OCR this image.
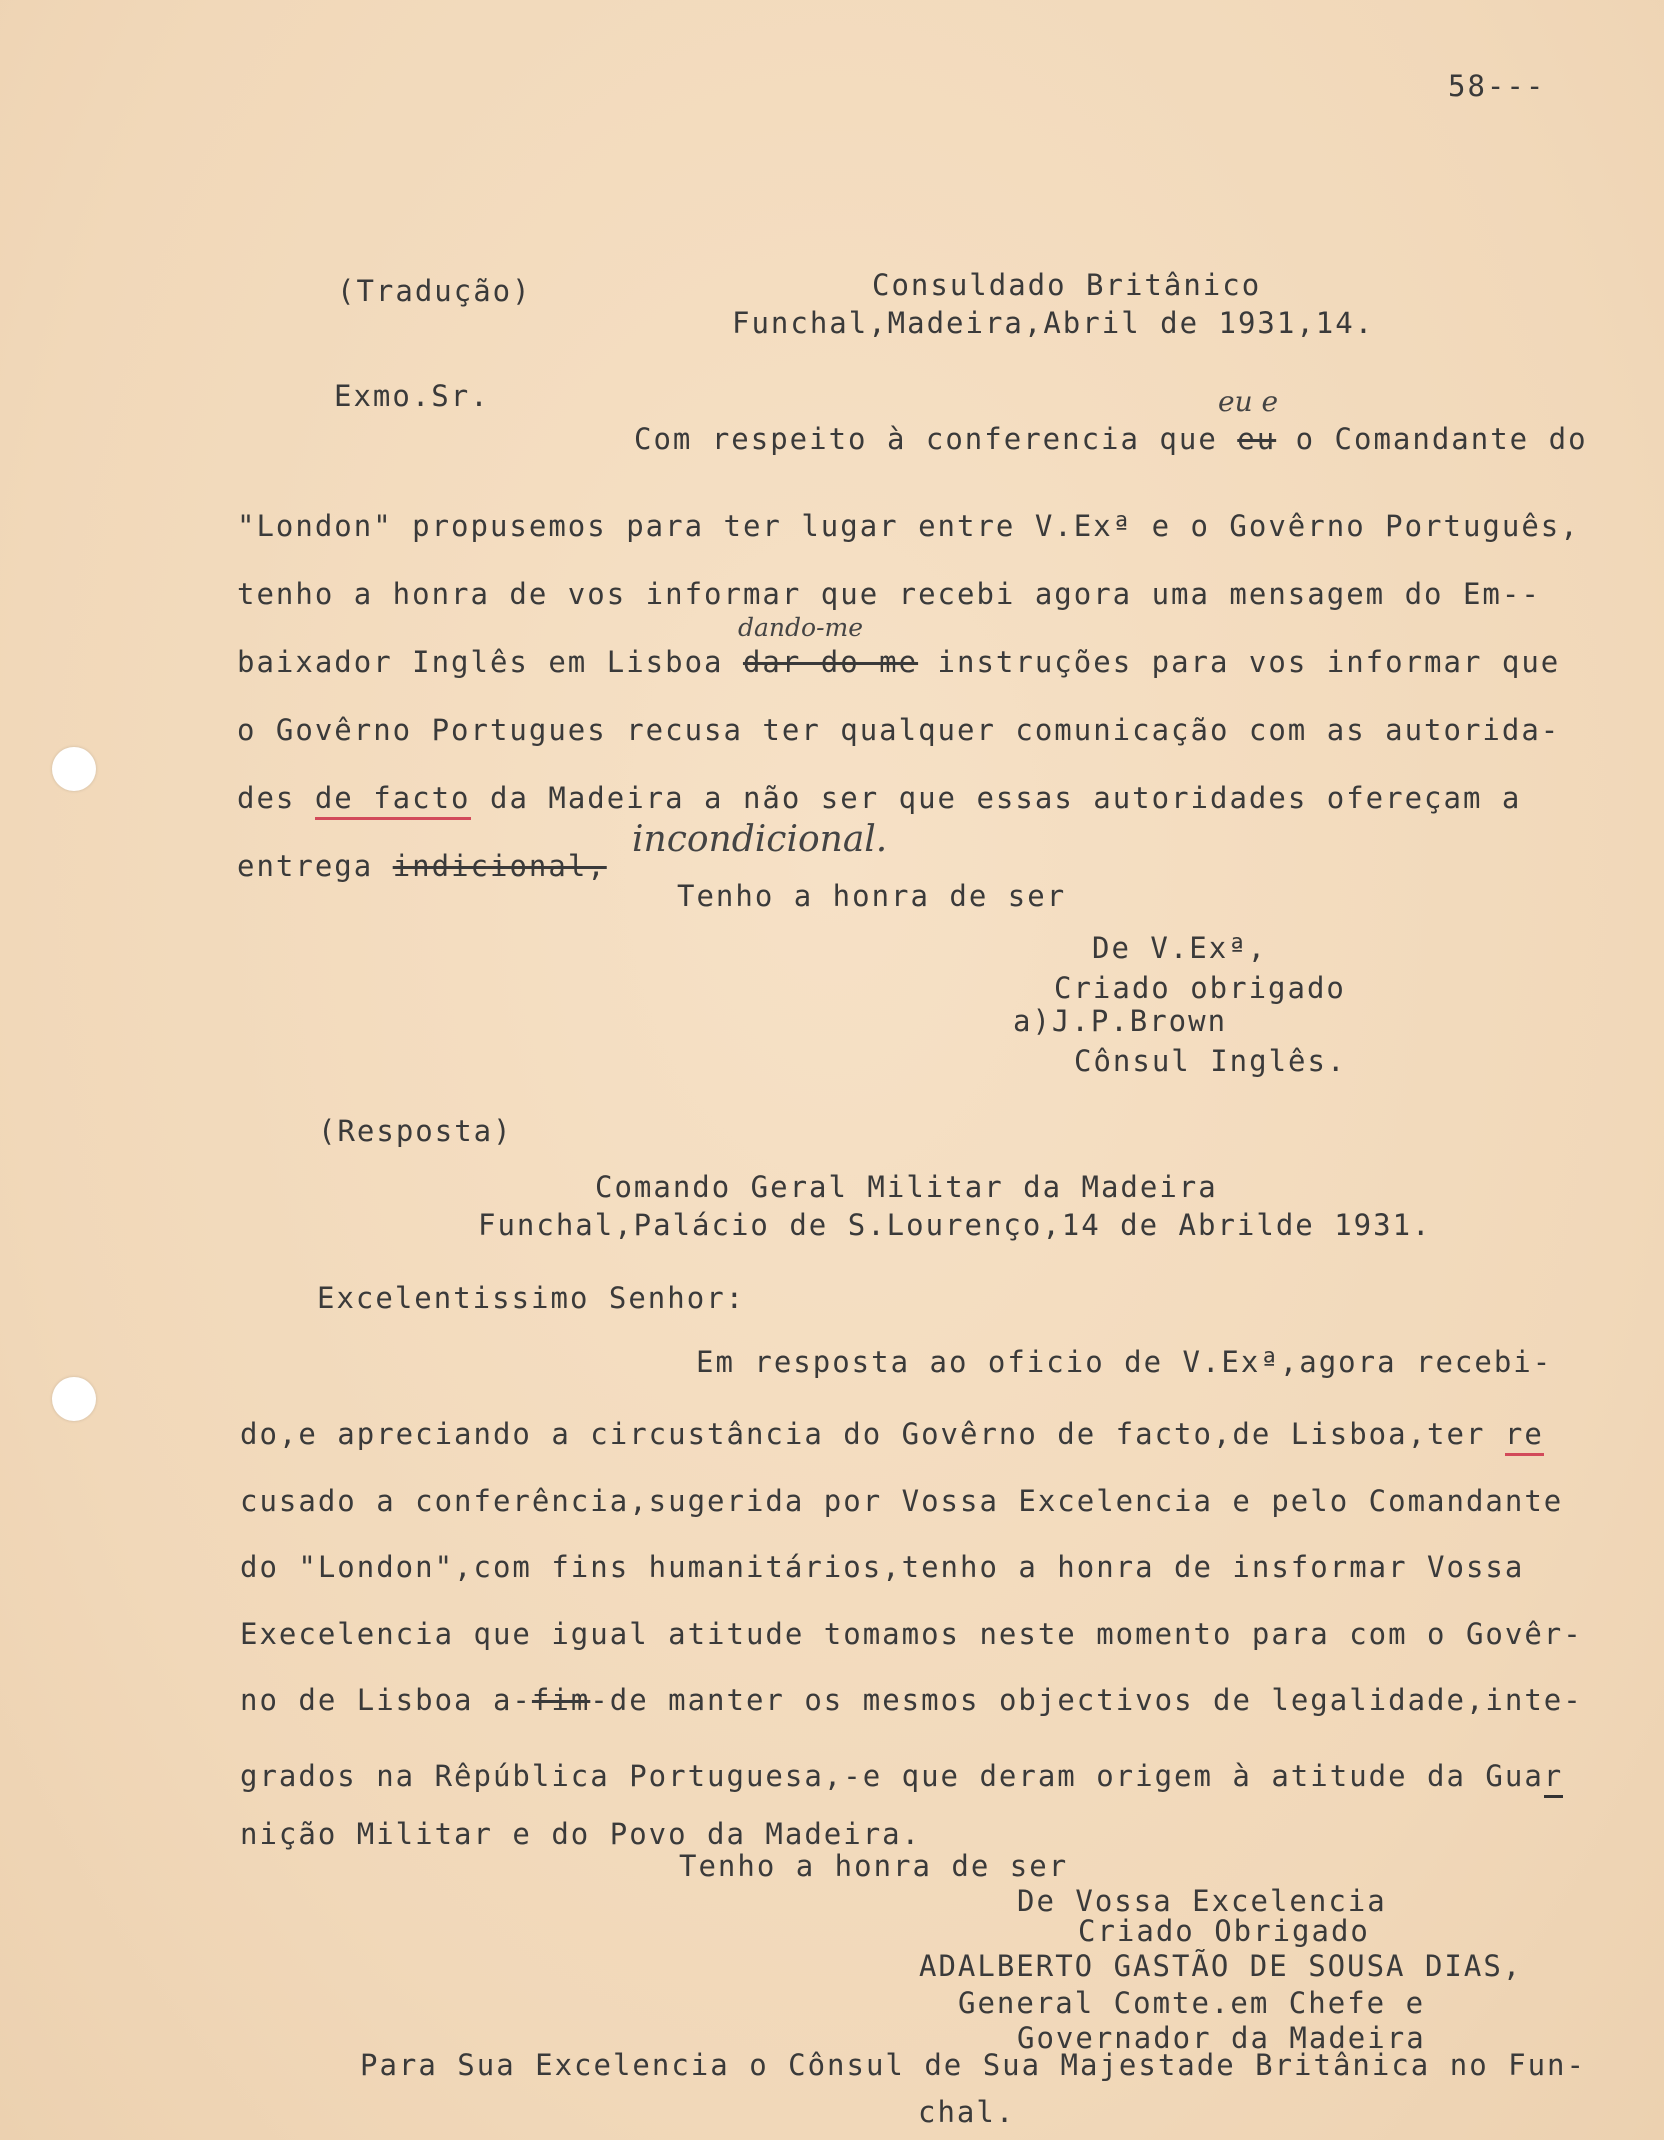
58---
(Tradução)	Consuldado Britânico
Funchal,Madeira,Abril de 1931,14.
Exmo.Sr.	eu e
Com respeito à conferencia que eu o Comandante do
"London" propusemos para ter lugar entre V.Exª e o Govêrno Português,
tenho a honra de vos informar que recebi agora uma mensagem do Em--
dando-me
baixador Inglês em Lisboa dar-do-me instruções para vos informar que
o Govêrno Portugues recusa ter qualquer comunicação com as autorida-
des de facto da Madeira a não ser que essas autoridades ofereçam a
entrega indicional,
incondicional.
Tenho a honra de ser
De V.Exª,
Criado obrigado
a)J.P.Brown
Cônsul Inglês.
(Resposta)
Comando Geral Militar da Madeira
Funchal,Palácio de S.Lourenço,14 de Abrilde 1931.
Excelentissimo Senhor:
Em resposta ao oficio de V.Exª,agora recebi-
do,e apreciando a circustância do Govêrno de facto,de Lisboa,ter re
cusado a conferência,sugerida por Vossa Excelencia e pelo Comandante
do "London",com fins humanitários,tenho a honra de insformar Vossa
Execelencia que igual atitude tomamos neste momento para com o Govêr-
no de Lisboa a-fim-de manter os mesmos objectivos de legalidade,inte-
grados na Rêpública Portuguesa,-e que deram origem à atitude da Guar
nição Militar e do Povo da Madeira.
Tenho a honra de ser
De Vossa Excelencia
Criado Obrigado
ADALBERTO GASTÃO DE SOUSA DIAS,
General Comte.em Chefe e
Governador da Madeira
Para Sua Excelencia o Cônsul de Sua Majestade Britânica no Fun-
chal.
